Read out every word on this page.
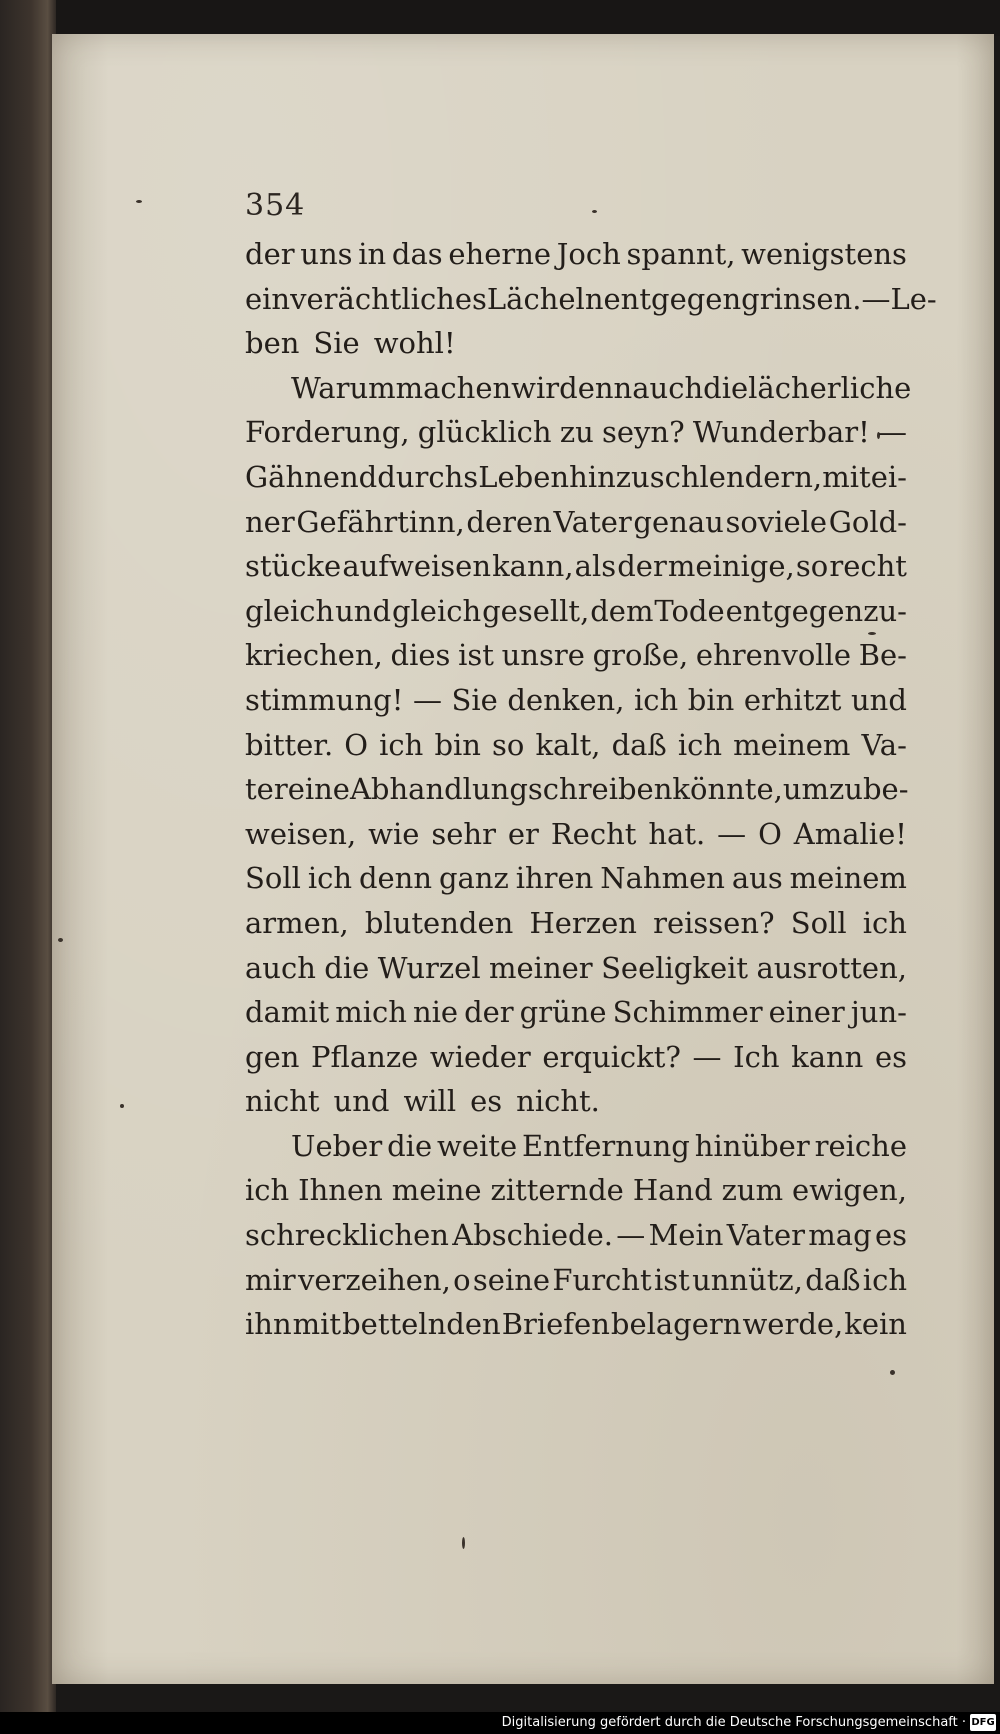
354
der uns in das eherne Joch spannt, wenigstens
ein verächtliches Lächeln entgegengrinsen. — Le-
ben Sie wohl!
Warum machen wir denn auch die lächerliche
Forderung, glücklich zu seyn? Wunderbar! —
Gähnend durchs Leben hinzuschlendern, mit ei-
ner Gefährtinn, deren Vater genau soviele Gold-
stücke aufweisen kann, als der meinige, so recht
gleich und gleich gesellt, dem Tode entgegenzu-
kriechen, dies ist unsre große, ehrenvolle Be-
stimmung! — Sie denken, ich bin erhitzt und
bitter. O ich bin so kalt, daß ich meinem Va-
ter eine Abhandlung schreiben könnte, um zu be-
weisen, wie sehr er Recht hat. — O Amalie!
Soll ich denn ganz ihren Nahmen aus meinem
armen, blutenden Herzen reissen? Soll ich
auch die Wurzel meiner Seeligkeit ausrotten,
damit mich nie der grüne Schimmer einer jun-
gen Pflanze wieder erquickt? — Ich kann es
nicht und will es nicht.
Ueber die weite Entfernung hinüber reiche
ich Ihnen meine zitternde Hand zum ewigen,
schrecklichen Abschiede. — Mein Vater mag es
mir verzeihen, o seine Furcht ist unnütz, daß ich
ihn mit bettelnden Briefen belagern werde, kein
Digitalisierung gefördert durch die Deutsche Forschungsgemeinschaft · DFG
